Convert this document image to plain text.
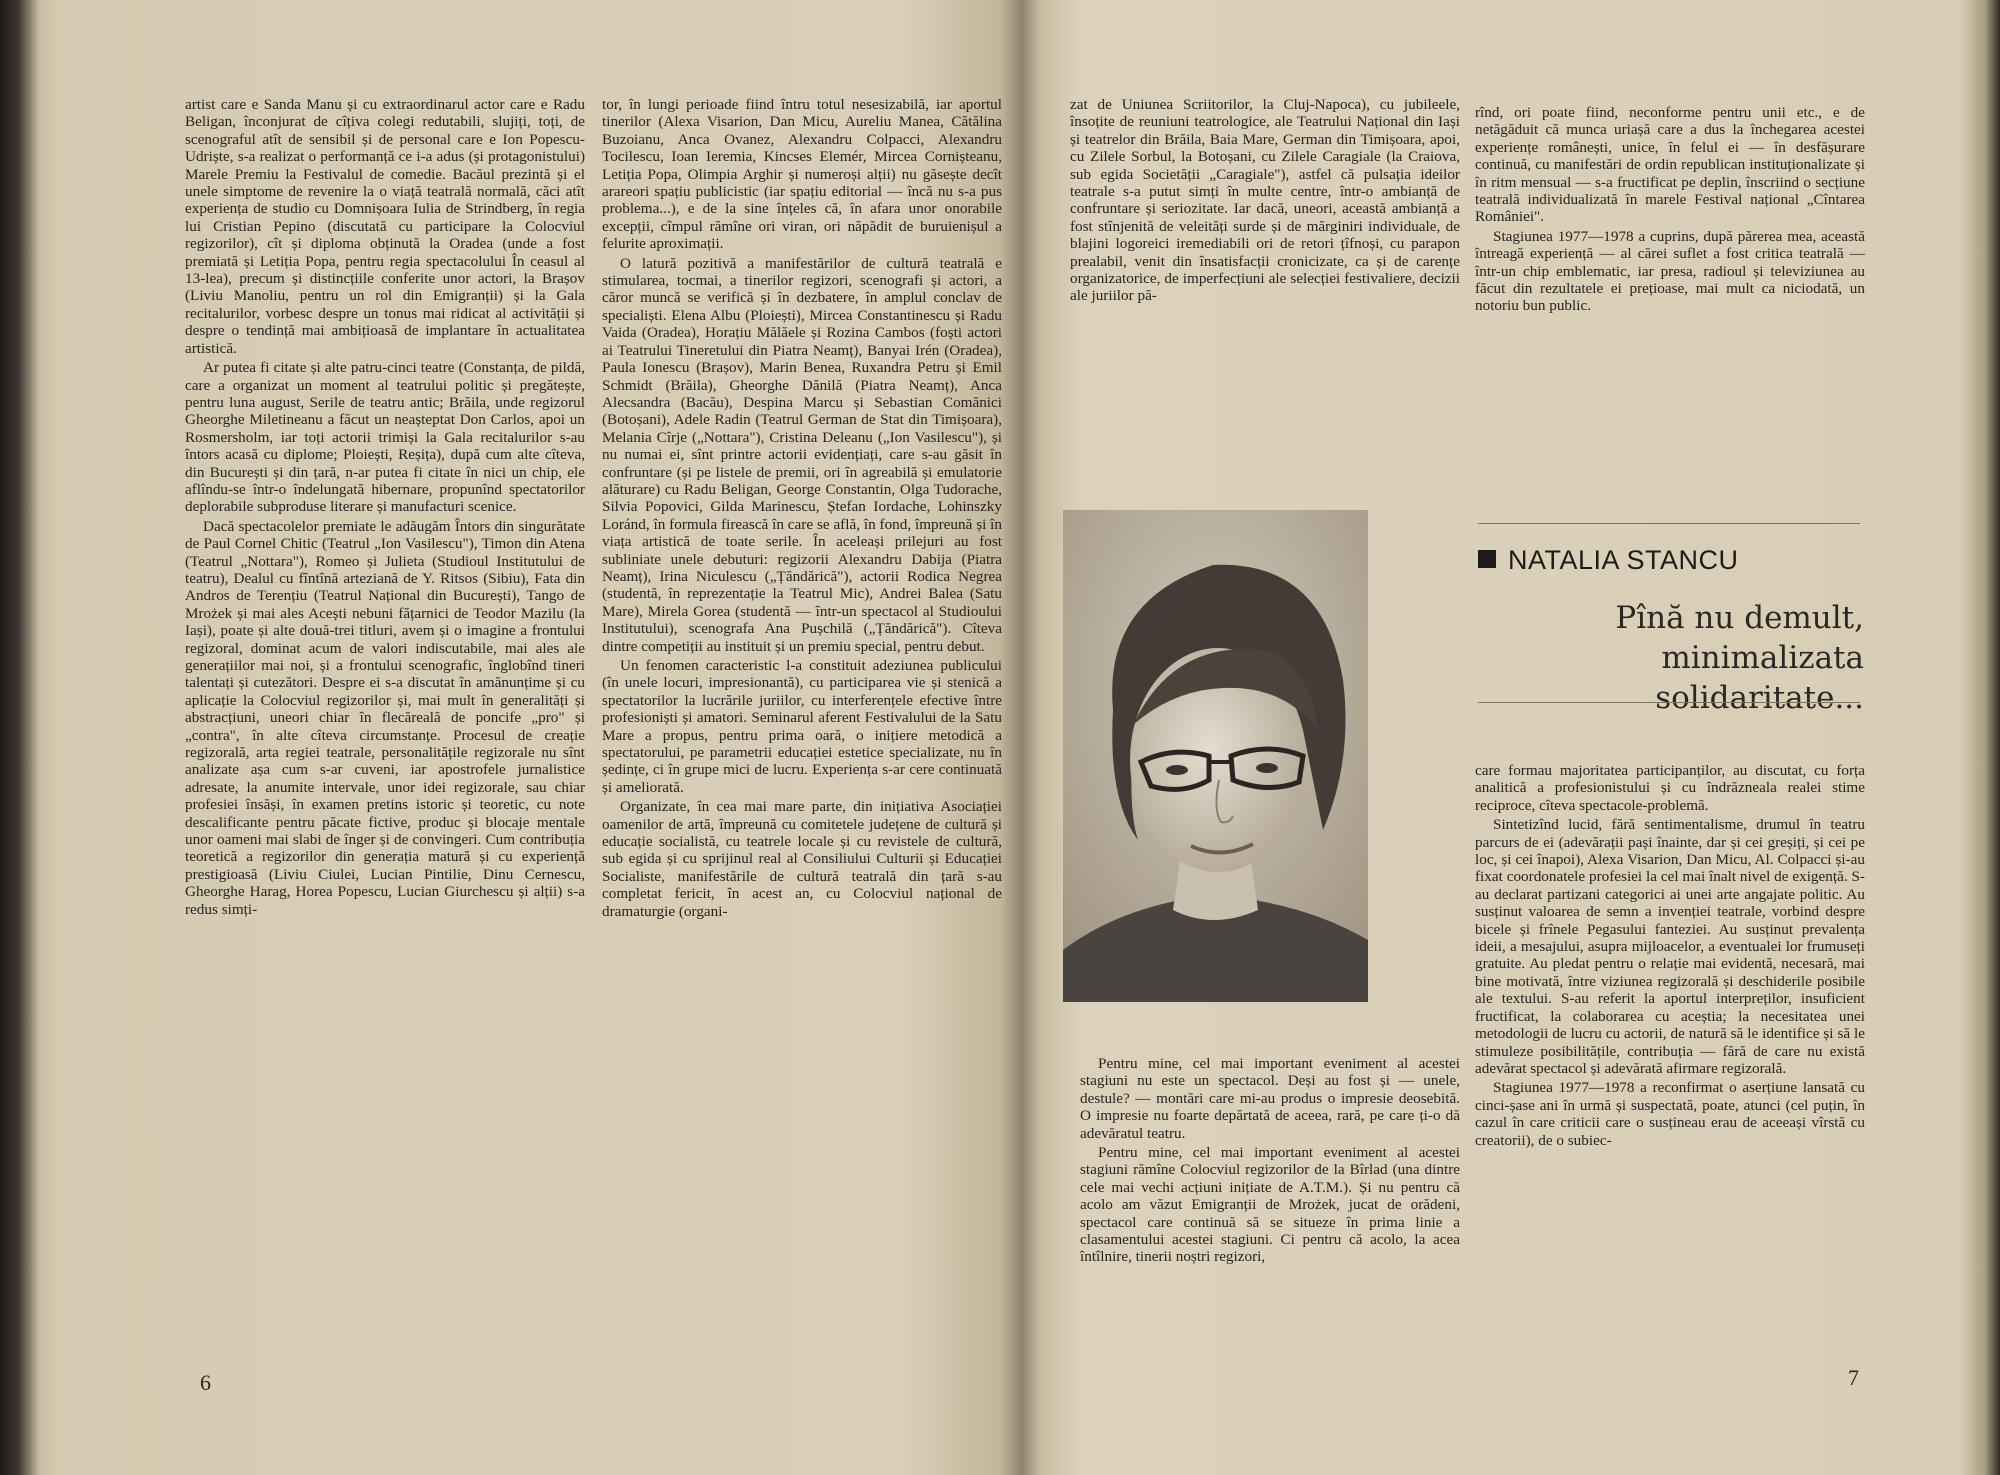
artist care e Sanda Manu și cu extraordinarul actor care e Radu Beligan, înconjurat de cîțiva colegi redutabili, slujiți, toți, de scenograful atît de sensibil și de personal care e Ion Popescu-Udriște, s-a realizat o performanță ce i-a adus (și protagonistului) Marele Premiu la Festivalul de comedie. Bacăul prezintă și el unele simptome de revenire la o viață teatrală normală, căci atît experiența de studio cu Domnișoara Iulia de Strindberg, în regia lui Cristian Pepino (discutată cu participare la Colocviul regizorilor), cît și diploma obținută la Oradea (unde a fost premiată și Letiția Popa, pentru regia spectacolului În ceasul al 13-lea), precum și distincțiile conferite unor actori, la Brașov (Liviu Manoliu, pentru un rol din Emigranții) și la Gala recitalurilor, vorbesc despre un tonus mai ridicat al activității și despre o tendință mai ambițioasă de implantare în actualitatea artistică.

Ar putea fi citate și alte patru-cinci teatre (Constanța, de pildă, care a organizat un moment al teatrului politic și pregătește, pentru luna august, Serile de teatru antic; Brăila, unde regizorul Gheorghe Miletineanu a făcut un neașteptat Don Carlos, apoi un Rosmersholm, iar toți actorii trimiși la Gala recitalurilor s-au întors acasă cu diplome; Ploiești, Reșița), după cum alte cîteva, din București și din țară, n-ar putea fi citate în nici un chip, ele aflîndu-se într-o îndelungată hibernare, propunînd spectatorilor deplorabile subproduse literare și manufacturi scenice.

Dacă spectacolelor premiate le adăugăm Întors din singurătate de Paul Cornel Chitic (Teatrul „Ion Vasilescu"), Timon din Atena (Teatrul „Nottara"), Romeo și Julieta (Studioul Institutului de teatru), Dealul cu fîntînă arteziană de Y. Ritsos (Sibiu), Fata din Andros de Terențiu (Teatrul Național din București), Tango de Mrożek și mai ales Acești nebuni fățarnici de Teodor Mazilu (la Iași), poate și alte două-trei titluri, avem și o imagine a frontului regizoral, dominat acum de valori indiscutabile, mai ales ale generațiilor mai noi, și a frontului scenografic, înglobînd tineri talentați și cutezători. Despre ei s-a discutat în amănunțime și cu aplicație la Colocviul regizorilor și, mai mult în generalități și abstracțiuni, uneori chiar în flecăreală de poncife „pro" și „contra", în alte cîteva circumstanțe. Procesul de creație regizorală, arta regiei teatrale, personalitățile regizorale nu sînt analizate așa cum s-ar cuveni, iar apostrofele jurnalistice adresate, la anumite intervale, unor idei regizorale, sau chiar profesiei însăși, în examen pretins istoric și teoretic, cu note descalificante pentru păcate fictive, produc și blocaje mentale unor oameni mai slabi de înger și de convingeri. Cum contribuția teoretică a regizorilor din generația matură și cu experiență prestigioasă (Liviu Ciulei, Lucian Pintilie, Dinu Cernescu, Gheorghe Harag, Horea Popescu, Lucian Giurchescu și alții) s-a redus simți-

tor, în lungi perioade fiind întru totul nesesizabilă, iar aportul tinerilor (Alexa Visarion, Dan Micu, Aureliu Manea, Cătălina Buzoianu, Anca Ovanez, Alexandru Colpacci, Alexandru Tocilescu, Ioan Ieremia, Kincses Elemér, Mircea Cornișteanu, Letiția Popa, Olimpia Arghir și numeroși alții) nu găsește decît arareori spațiu publicistic (iar spațiu editorial — încă nu s-a pus problema...), e de la sine înțeles că, în afara unor onorabile excepții, cîmpul rămîne ori viran, ori năpădit de buruienișul a felurite aproximații.

O latură pozitivă a manifestărilor de cultură teatrală e stimularea, tocmai, a tinerilor regizori, scenografi și actori, a căror muncă se verifică și în dezbatere, în amplul conclav de specialiști. Elena Albu (Ploiești), Mircea Constantinescu și Radu Vaida (Oradea), Horațiu Mălăele și Rozina Cambos (foști actori ai Teatrului Tineretului din Piatra Neamț), Banyai Irén (Oradea), Paula Ionescu (Brașov), Marin Benea, Ruxandra Petru și Emil Schmidt (Brăila), Gheorghe Dănilă (Piatra Neamț), Anca Alecsandra (Bacău), Despina Marcu și Sebastian Comănici (Botoșani), Adele Radin (Teatrul German de Stat din Timișoara), Melania Cîrje („Nottara"), Cristina Deleanu („Ion Vasilescu"), și nu numai ei, sînt printre actorii evidențiați, care s-au găsit în confruntare (și pe listele de premii, ori în agreabilă și emulatorie alăturare) cu Radu Beligan, George Constantin, Olga Tudorache, Silvia Popovici, Gilda Marinescu, Ștefan Iordache, Lohinszky Loránd, în formula firească în care se află, în fond, împreună și în viața artistică de toate serile. În aceleași prilejuri au fost subliniate unele debuturi: regizorii Alexandru Dabija (Piatra Neamț), Irina Niculescu („Țăndărică"), actorii Rodica Negrea (studentă, în reprezentație la Teatrul Mic), Andrei Balea (Satu Mare), Mirela Gorea (studentă — într-un spectacol al Studioului Institutului), scenografa Ana Pușchilă („Țăndărică"). Cîteva dintre competiții au instituit și un premiu special, pentru debut.

Un fenomen caracteristic l-a constituit adeziunea publicului (în unele locuri, impresionantă), cu participarea vie și stenică a spectatorilor la lucrările juriilor, cu interferențele efective între profesioniști și amatori. Seminarul aferent Festivalului de la Satu Mare a propus, pentru prima oară, o inițiere metodică a spectatorului, pe parametrii educației estetice specializate, nu în ședințe, ci în grupe mici de lucru. Experiența s-ar cere continuată și ameliorată.

Organizate, în cea mai mare parte, din inițiativa Asociației oamenilor de artă, împreună cu comitetele județene de cultură și educație socialistă, cu teatrele locale și cu revistele de cultură, sub egida și cu sprijinul real al Consiliului Culturii și Educației Socialiste, manifestările de cultură teatrală din țară s-au completat fericit, în acest an, cu Colocviul național de dramaturgie (organi-

6

zat de Uniunea Scriitorilor, la Cluj-Napoca), cu jubileele, însoțite de reuniuni teatrologice, ale Teatrului Național din Iași și teatrelor din Brăila, Baia Mare, German din Timișoara, apoi, cu Zilele Sorbul, la Botoșani, cu Zilele Caragiale (la Craiova, sub egida Societății „Caragiale"), astfel că pulsația ideilor teatrale s-a putut simți în multe centre, într-o ambianță de confruntare și seriozitate. Iar dacă, uneori, această ambianță a fost stînjenită de veleități surde și de mărginiri individuale, de blajini logoreici iremediabili ori de retori țîfnoși, cu parapon prealabil, venit din însatisfacții cronicizate, ca și de carențe organizatorice, de imperfecțiuni ale selecției festivaliere, decizii ale juriilor pă-

rînd, ori poate fiind, neconforme pentru unii etc., e de netăgăduit că munca uriașă care a dus la închegarea acestei experiențe românești, unice, în felul ei — în desfășurare continuă, cu manifestări de ordin republican instituționalizate și în ritm mensual — s-a fructificat pe deplin, înscriind o secțiune teatrală individualizată în marele Festival național „Cîntarea României".

Stagiunea 1977—1978 a cuprins, după părerea mea, această întreagă experiență — al cărei suflet a fost critica teatrală — într-un chip emblematic, iar presa, radioul și televiziunea au făcut din rezultatele ei prețioase, mai mult ca niciodată, un notoriu bun public.

NATALIA STANCU
Pînă nu demult, minimalizata solidaritate...

Pentru mine, cel mai important eveniment al acestei stagiuni nu este un spectacol. Deși au fost și — unele, destule? — montări care mi-au produs o impresie deosebită. O impresie nu foarte depărtată de aceea, rară, pe care ți-o dă adevăratul teatru.

Pentru mine, cel mai important eveniment al acestei stagiuni rămîne Colocviul regizorilor de la Bîrlad (una dintre cele mai vechi acțiuni inițiate de A.T.M.). Și nu pentru că acolo am văzut Emigranții de Mrożek, jucat de orădeni, spectacol care continuă să se situeze în prima linie a clasamentului acestei stagiuni. Ci pentru că acolo, la acea întîlnire, tinerii noștri regizori,

care formau majoritatea participanților, au discutat, cu forța analitică a profesionistului și cu îndrăzneala realei stime reciproce, cîteva spectacole-problemă.

Sintetizînd lucid, fără sentimentalisme, drumul în teatru parcurs de ei (adevărații pași înainte, dar și cei greșiți, și cei pe loc, și cei înapoi), Alexa Visarion, Dan Micu, Al. Colpacci și-au fixat coordonatele profesiei la cel mai înalt nivel de exigență. S-au declarat partizani categorici ai unei arte angajate politic. Au susținut valoarea de semn a invenției teatrale, vorbind despre bicele și frînele Pegasului fanteziei. Au susținut prevalența ideii, a mesajului, asupra mijloacelor, a eventualei lor frumuseți gratuite. Au pledat pentru o relație mai evidentă, necesară, mai bine motivată, între viziunea regizorală și deschiderile posibile ale textului. S-au referit la aportul interpreților, insuficient fructificat, la colaborarea cu aceștia; la necesitatea unei metodologii de lucru cu actorii, de natură să le identifice și să le stimuleze posibilitățile, contribuția — fără de care nu există adevărat spectacol și adevărată afirmare regizorală.

Stagiunea 1977—1978 a reconfirmat o aserțiune lansată cu cinci-șase ani în urmă și suspectată, poate, atunci (cel puțin, în cazul în care criticii care o susțineau erau de aceeași vîrstă cu creatorii), de o subiec-

7
